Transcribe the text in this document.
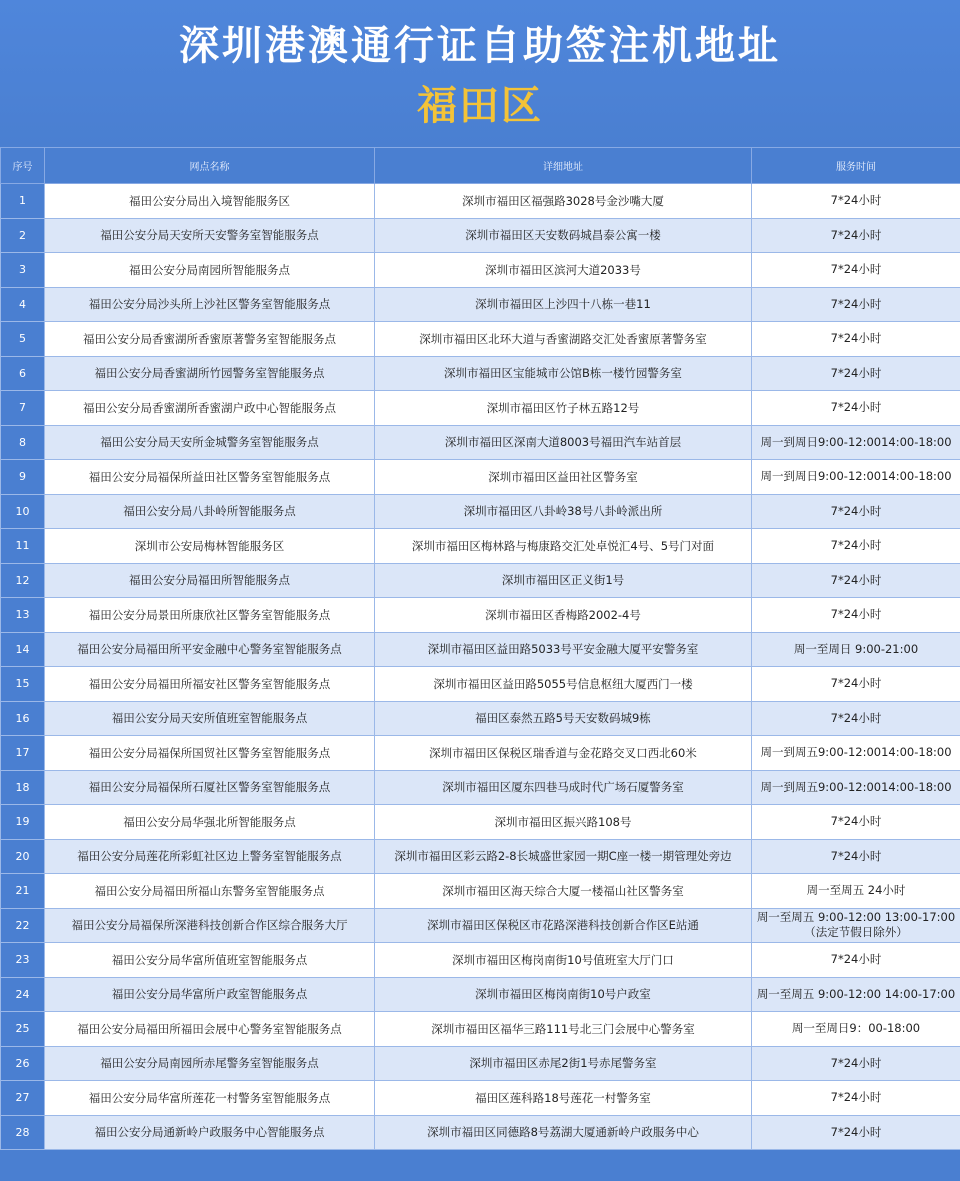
深圳港澳通行证自助签注机地址
福田区
序号	网点名称	详细地址	服务时间
1	福田公安分局出入境智能服务区	深圳市福田区福强路3028号金沙嘴大厦	7*24小时
2	福田公安分局天安所天安警务室智能服务点	深圳市福田区天安数码城昌泰公寓一楼	7*24小时
3	福田公安分局南园所智能服务点	深圳市福田区滨河大道2033号	7*24小时
4	福田公安分局沙头所上沙社区警务室智能服务点	深圳市福田区上沙四十八栋一巷11	7*24小时
5	福田公安分局香蜜湖所香蜜原著警务室智能服务点	深圳市福田区北环大道与香蜜湖路交汇处香蜜原著警务室	7*24小时
6	福田公安分局香蜜湖所竹园警务室智能服务点	深圳市福田区宝能城市公馆B栋一楼竹园警务室	7*24小时
7	福田公安分局香蜜湖所香蜜湖户政中心智能服务点	深圳市福田区竹子林五路12号	7*24小时
8	福田公安分局天安所金城警务室智能服务点	深圳市福田区深南大道8003号福田汽车站首层	周一到周日9:00-12:0014:00-18:00
9	福田公安分局福保所益田社区警务室智能服务点	深圳市福田区益田社区警务室	周一到周日9:00-12:0014:00-18:00
10	福田公安分局八卦岭所智能服务点	深圳市福田区八卦岭38号八卦岭派出所	7*24小时
11	深圳市公安局梅林智能服务区	深圳市福田区梅林路与梅康路交汇处卓悦汇4号、5号门对面	7*24小时
12	福田公安分局福田所智能服务点	深圳市福田区正义街1号	7*24小时
13	福田公安分局景田所康欣社区警务室智能服务点	深圳市福田区香梅路2002-4号	7*24小时
14	福田公安分局福田所平安金融中心警务室智能服务点	深圳市福田区益田路5033号平安金融大厦平安警务室	周一至周日 9:00-21:00
15	福田公安分局福田所福安社区警务室智能服务点	深圳市福田区益田路5055号信息枢纽大厦西门一楼	7*24小时
16	福田公安分局天安所值班室智能服务点	福田区泰然五路5号天安数码城9栋	7*24小时
17	福田公安分局福保所国贸社区警务室智能服务点	深圳市福田区保税区瑞香道与金花路交叉口西北60米	周一到周五9:00-12:0014:00-18:00
18	福田公安分局福保所石厦社区警务室智能服务点	深圳市福田区厦东四巷马成时代广场石厦警务室	周一到周五9:00-12:0014:00-18:00
19	福田公安分局华强北所智能服务点	深圳市福田区振兴路108号	7*24小时
20	福田公安分局莲花所彩虹社区边上警务室智能服务点	深圳市福田区彩云路2-8长城盛世家园一期C座一楼一期管理处旁边	7*24小时
21	福田公安分局福田所福山东警务室智能服务点	深圳市福田区海天综合大厦一楼福山社区警务室	周一至周五 24小时
22	福田公安分局福保所深港科技创新合作区综合服务大厅	深圳市福田区保税区市花路深港科技创新合作区E站通	周一至周五 9:00-12:00 13:00-17:00 （法定节假日除外）
23	福田公安分局华富所值班室智能服务点	深圳市福田区梅岗南街10号值班室大厅门口	7*24小时
24	福田公安分局华富所户政室智能服务点	深圳市福田区梅岗南街10号户政室	周一至周五 9:00-12:00 14:00-17:00
25	福田公安分局福田所福田会展中心警务室智能服务点	深圳市福田区福华三路111号北三门会展中心警务室	周一至周日9：00-18:00
26	福田公安分局南园所赤尾警务室智能服务点	深圳市福田区赤尾2街1号赤尾警务室	7*24小时
27	福田公安分局华富所莲花一村警务室智能服务点	福田区莲科路18号莲花一村警务室	7*24小时
28	福田公安分局通新岭户政服务中心智能服务点	深圳市福田区同德路8号荔湖大厦通新岭户政服务中心	7*24小时
